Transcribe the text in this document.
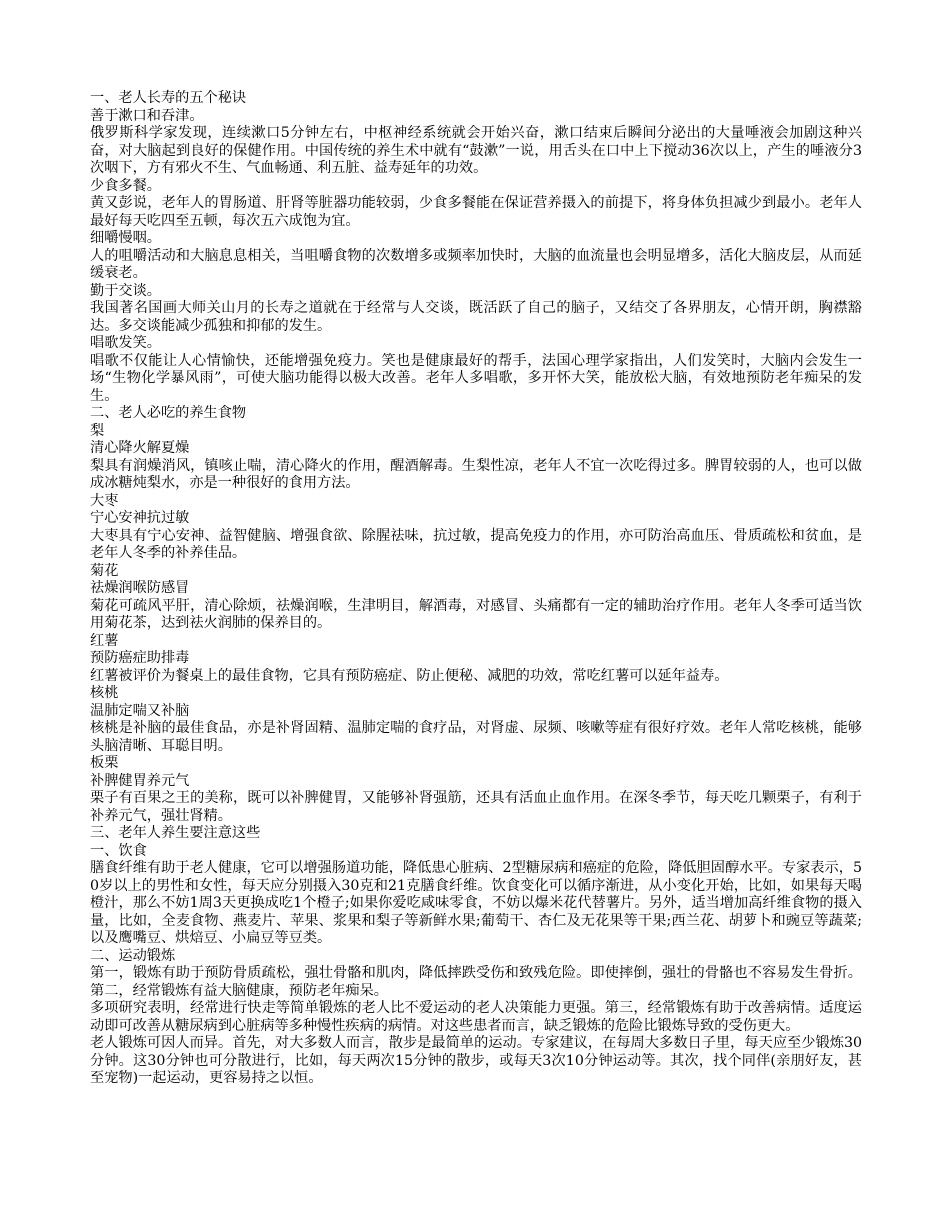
一、老人长寿的五个秘诀

善于漱口和吞津。

俄罗斯科学家发现，连续漱口5分钟左右，中枢神经系统就会开始兴奋，漱口结束后瞬间分泌出的大量唾液会加剧这种兴奋，对大脑起到良好的保健作用。中国传统的养生术中就有“鼓漱”一说，用舌头在口中上下搅动36次以上，产生的唾液分3次咽下，方有邪火不生、气血畅通、利五脏、益寿延年的功效。

少食多餐。

黄又彭说，老年人的胃肠道、肝肾等脏器功能较弱，少食多餐能在保证营养摄入的前提下，将身体负担减少到最小。老年人最好每天吃四至五顿，每次五六成饱为宜。

细嚼慢咽。

人的咀嚼活动和大脑息息相关，当咀嚼食物的次数增多或频率加快时，大脑的血流量也会明显增多，活化大脑皮层，从而延缓衰老。

勤于交谈。

我国著名国画大师关山月的长寿之道就在于经常与人交谈，既活跃了自己的脑子，又结交了各界朋友，心情开朗，胸襟豁达。多交谈能减少孤独和抑郁的发生。

唱歌发笑。

唱歌不仅能让人心情愉快，还能增强免疫力。笑也是健康最好的帮手，法国心理学家指出，人们发笑时，大脑内会发生一场“生物化学暴风雨”，可使大脑功能得以极大改善。老年人多唱歌，多开怀大笑，能放松大脑，有效地预防老年痴呆的发生。

二、老人必吃的养生食物

梨

清心降火解夏燥

梨具有润燥消风，镇咳止喘，清心降火的作用，醒酒解毒。生梨性凉，老年人不宜一次吃得过多。脾胃较弱的人，也可以做成冰糖炖梨水，亦是一种很好的食用方法。

大枣

宁心安神抗过敏

大枣具有宁心安神、益智健脑、增强食欲、除腥祛味，抗过敏，提高免疫力的作用，亦可防治高血压、骨质疏松和贫血，是老年人冬季的补养佳品。

菊花

祛燥润喉防感冒

菊花可疏风平肝，清心除烦，祛燥润喉，生津明目，解酒毒，对感冒、头痛都有一定的辅助治疗作用。老年人冬季可适当饮用菊花茶，达到祛火润肺的保养目的。

红薯

预防癌症助排毒

红薯被评价为餐桌上的最佳食物，它具有预防癌症、防止便秘、减肥的功效，常吃红薯可以延年益寿。

核桃

温肺定喘又补脑

核桃是补脑的最佳食品，亦是补肾固精、温肺定喘的食疗品，对肾虚、尿频、咳嗽等症有很好疗效。老年人常吃核桃，能够头脑清晰、耳聪目明。

板栗

补脾健胃养元气

栗子有百果之王的美称，既可以补脾健胃，又能够补肾强筋，还具有活血止血作用。在深冬季节，每天吃几颗栗子，有利于补养元气，强壮肾精。

三、老年人养生要注意这些

一、饮食

膳食纤维有助于老人健康，它可以增强肠道功能，降低患心脏病、2型糖尿病和癌症的危险，降低胆固醇水平。专家表示，50岁以上的男性和女性，每天应分别摄入30克和21克膳食纤维。饮食变化可以循序渐进，从小变化开始，比如，如果每天喝橙汁，那么不妨1周3天更换成吃1个橙子;如果你爱吃咸味零食，不妨以爆米花代替薯片。另外，适当增加高纤维食物的摄入量，比如，全麦食物、燕麦片、苹果、浆果和梨子等新鲜水果;葡萄干、杏仁及无花果等干果;西兰花、胡萝卜和豌豆等蔬菜;以及鹰嘴豆、烘焙豆、小扁豆等豆类。

二、运动锻炼

第一，锻炼有助于预防骨质疏松，强壮骨骼和肌肉，降低摔跌受伤和致残危险。即使摔倒，强壮的骨骼也不容易发生骨折。第二，经常锻炼有益大脑健康，预防老年痴呆。

多项研究表明，经常进行快走等简单锻炼的老人比不爱运动的老人决策能力更强。第三，经常锻炼有助于改善病情。适度运动即可改善从糖尿病到心脏病等多种慢性疾病的病情。对这些患者而言，缺乏锻炼的危险比锻炼导致的受伤更大。

老人锻炼可因人而异。首先，对大多数人而言，散步是最简单的运动。专家建议，在每周大多数日子里，每天应至少锻炼30分钟。这30分钟也可分散进行，比如，每天两次15分钟的散步，或每天3次10分钟运动等。其次，找个同伴(亲朋好友，甚至宠物)一起运动，更容易持之以恒。
